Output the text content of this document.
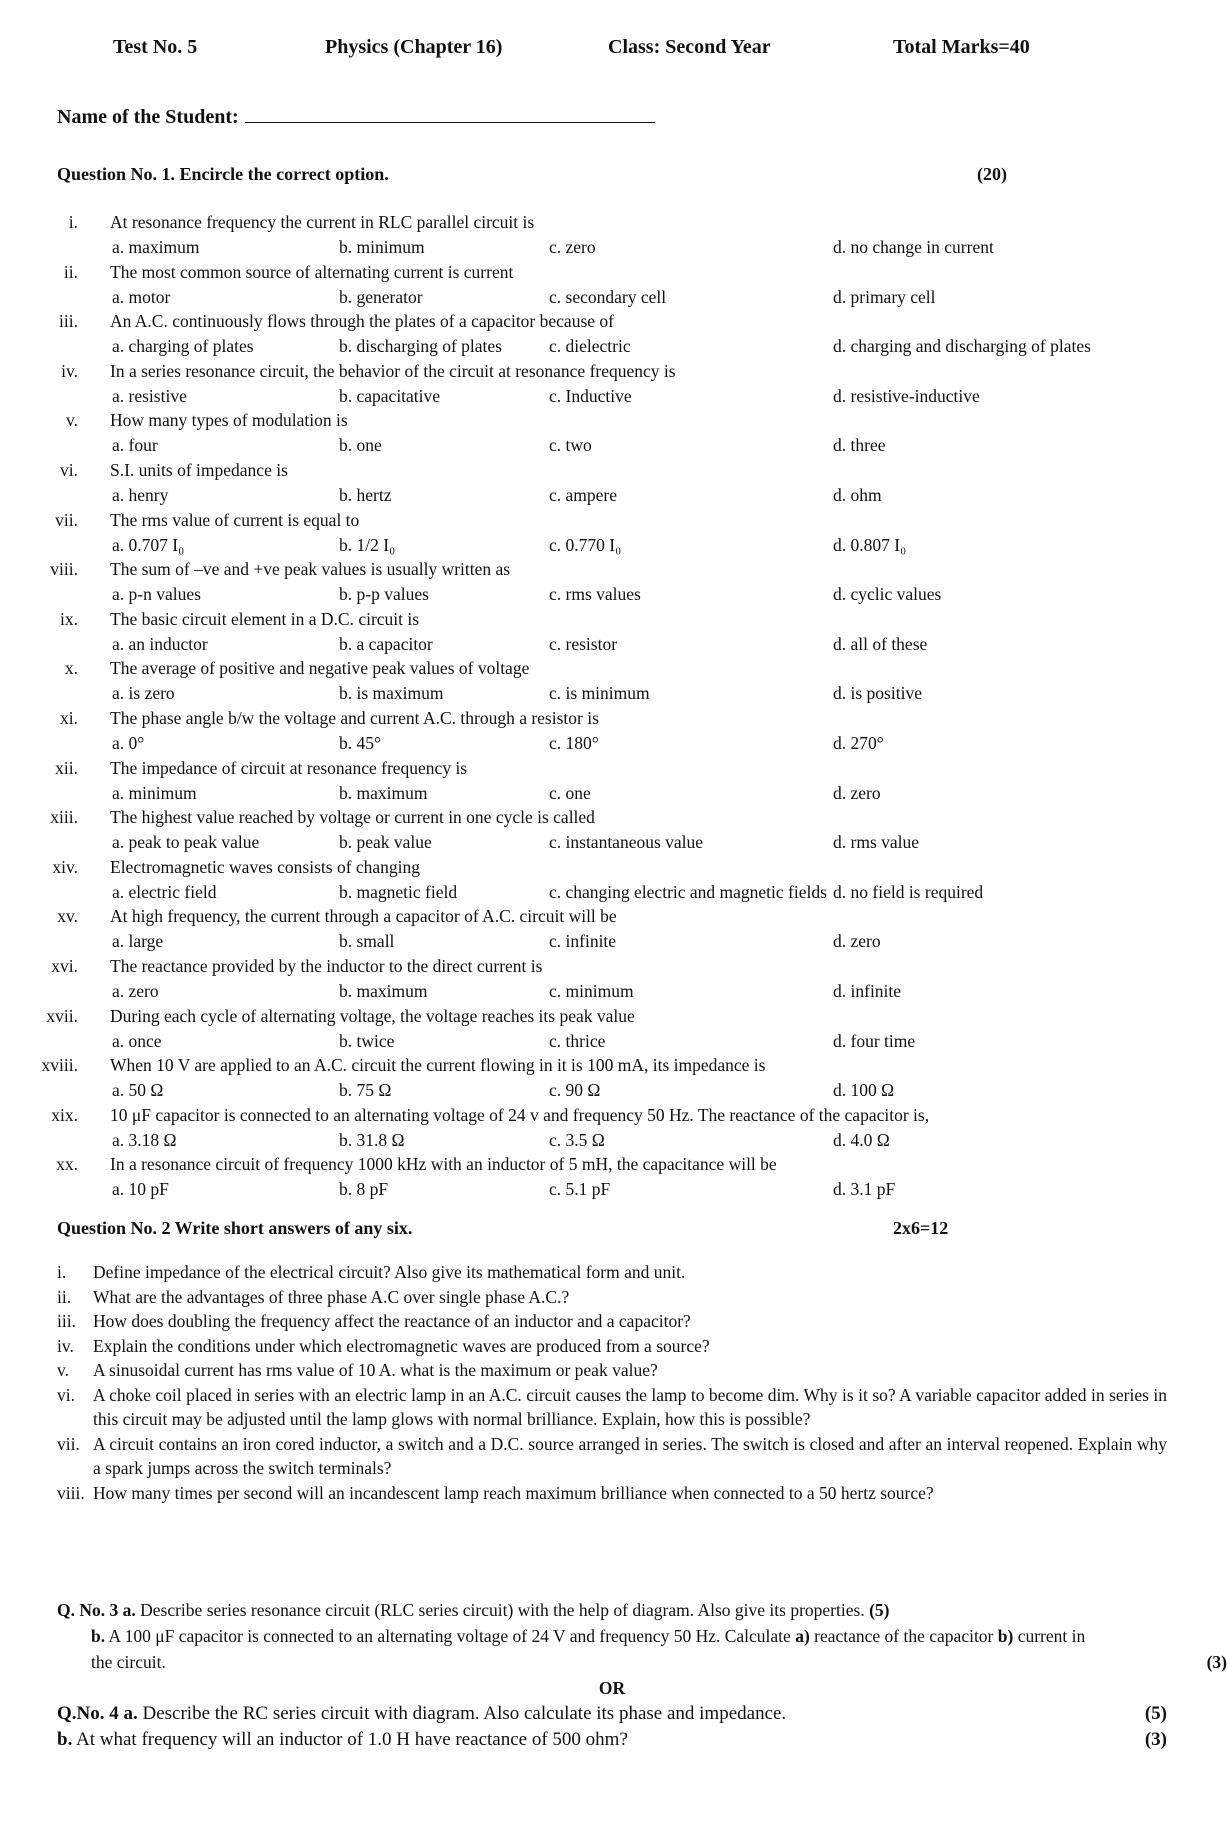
Test No. 5	Physics (Chapter 16)	Class: Second Year	Total Marks=40
Name of the Student:
Question No. 1. Encircle the correct option.	(20)
i. At resonance frequency the current in RLC parallel circuit is
a. maximum	b. minimum	c. zero	d. no change in current
ii. The most common source of alternating current is current
a. motor	b. generator	c. secondary cell	d. primary cell
iii. An A.C. continuously flows through the plates of a capacitor because of
a. charging of plates	b. discharging of plates	c. dielectric	d. charging and discharging of plates
iv. In a series resonance circuit, the behavior of the circuit at resonance frequency is
a. resistive	b. capacitative	c. Inductive	d. resistive-inductive
v. How many types of modulation is
a. four	b. one	c. two	d. three
vi. S.I. units of impedance is
a. henry	b. hertz	c. ampere	d. ohm
vii. The rms value of current is equal to
a. 0.707 I₀	b. 1/2 I₀	c. 0.770 I₀	d. 0.807 I₀
viii. The sum of –ve and +ve peak values is usually written as
a. p-n values	b. p-p values	c. rms values	d. cyclic values
ix. The basic circuit element in a D.C. circuit is
a. an inductor	b. a capacitor	c. resistor	d. all of these
x. The average of positive and negative peak values of voltage
a. is zero	b. is maximum	c. is minimum	d. is positive
xi. The phase angle b/w the voltage and current A.C. through a resistor is
a. 0°	b. 45°	c. 180°	d. 270°
xii. The impedance of circuit at resonance frequency is
a. minimum	b. maximum	c. one	d. zero
xiii. The highest value reached by voltage or current in one cycle is called
a. peak to peak value	b. peak value	c. instantaneous value	d. rms value
xiv. Electromagnetic waves consists of changing
a. electric field	b. magnetic field	c. changing electric and magnetic fields d. no field is required
xv. At high frequency, the current through a capacitor of A.C. circuit will be
a. large	b. small	c. infinite	d. zero
xvi. The reactance provided by the inductor to the direct current is
a. zero	b. maximum	c. minimum	d. infinite
xvii. During each cycle of alternating voltage, the voltage reaches its peak value
a. once	b. twice	c. thrice	d. four time
xviii. When 10 V are applied to an A.C. circuit the current flowing in it is 100 mA, its impedance is
a. 50 Ω	b. 75 Ω	c. 90 Ω	d. 100 Ω
xix. 10 μF capacitor is connected to an alternating voltage of 24 v and frequency 50 Hz. The reactance of the capacitor is,
a. 3.18 Ω	b. 31.8 Ω	c. 3.5 Ω	d. 4.0 Ω
xx. In a resonance circuit of frequency 1000 kHz with an inductor of 5 mH, the capacitance will be
a. 10 pF	b. 8 pF	c. 5.1 pF	d. 3.1 pF
Question No. 2 Write short answers of any six.	2x6=12
i. Define impedance of the electrical circuit? Also give its mathematical form and unit.
ii. What are the advantages of three phase A.C over single phase A.C.?
iii. How does doubling the frequency affect the reactance of an inductor and a capacitor?
iv. Explain the conditions under which electromagnetic waves are produced from a source?
v. A sinusoidal current has rms value of 10 A. what is the maximum or peak value?
vi. A choke coil placed in series with an electric lamp in an A.C. circuit causes the lamp to become dim. Why is it so? A variable capacitor added in series in this circuit may be adjusted until the lamp glows with normal brilliance. Explain, how this is possible?
vii. A circuit contains an iron cored inductor, a switch and a D.C. source arranged in series. The switch is closed and after an interval reopened. Explain why a spark jumps across the switch terminals?
viii. How many times per second will an incandescent lamp reach maximum brilliance when connected to a 50 hertz source?
Q. No. 3 a. Describe series resonance circuit (RLC series circuit) with the help of diagram. Also give its properties. (5)
b. A 100 μF capacitor is connected to an alternating voltage of 24 V and frequency 50 Hz. Calculate a) reactance of the capacitor b) current in the circuit.	(3)
OR
Q.No. 4 a. Describe the RC series circuit with diagram. Also calculate its phase and impedance.	(5)
b. At what frequency will an inductor of 1.0 H have reactance of 500 ohm?	(3)
